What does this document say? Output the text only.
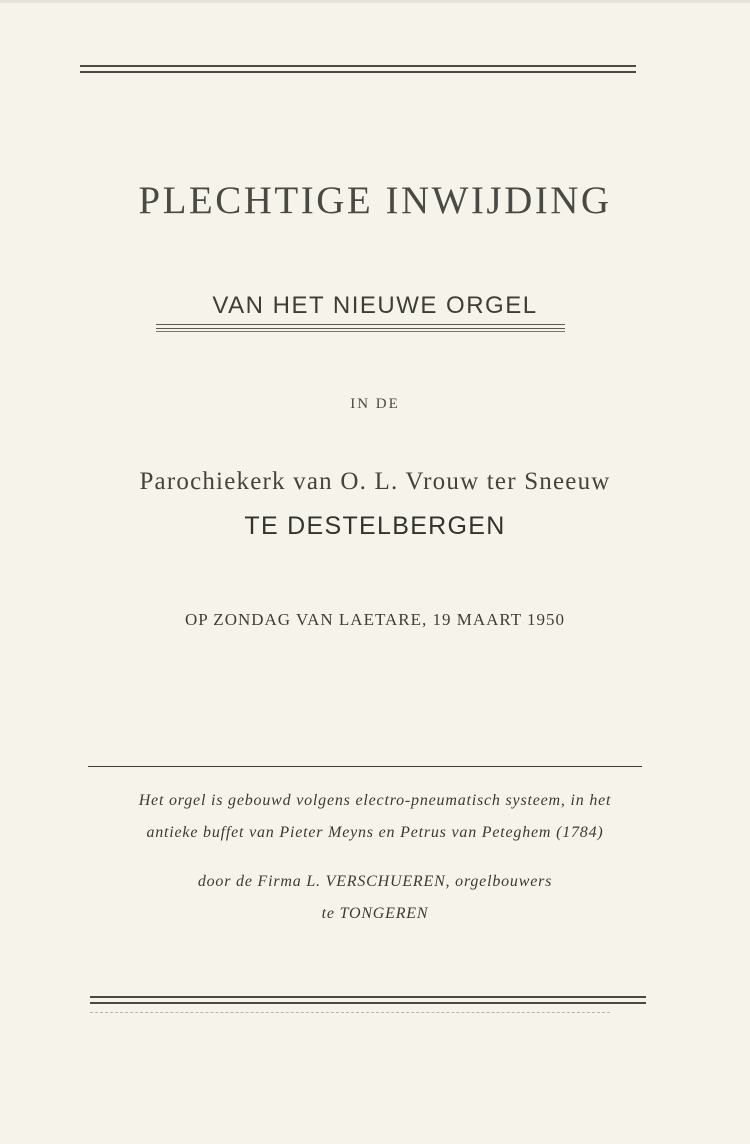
PLECHTIGE INWIJDING
VAN HET NIEUWE ORGEL
IN DE
Parochiekerk van O. L. Vrouw ter Sneeuw
TE DESTELBERGEN
OP ZONDAG VAN LAETARE, 19 MAART 1950
Het orgel is gebouwd volgens electro-pneumatisch systeem, in het
antieke buffet van Pieter Meyns en Petrus van Peteghem (1784)
door de Firma L. VERSCHUEREN, orgelbouwers
te TONGEREN
